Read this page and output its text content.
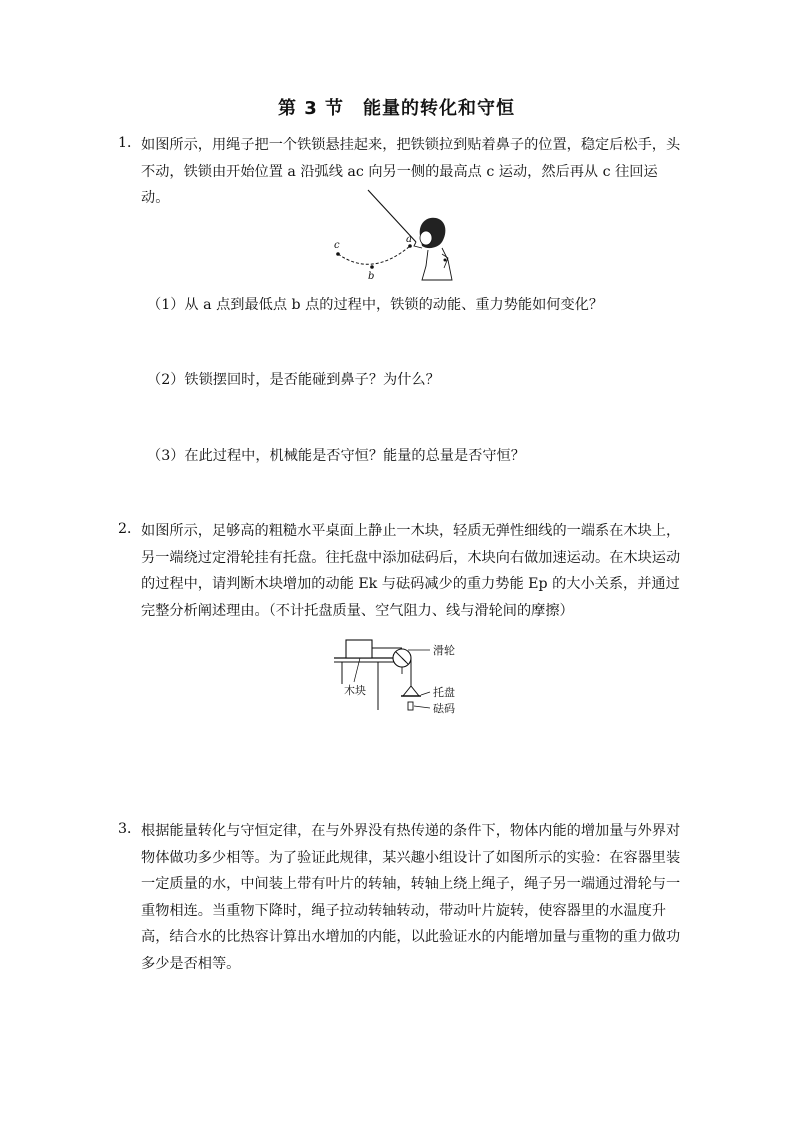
第 3 节　能量的转化和守恒
1． 如图所示，用绳子把一个铁锁悬挂起来，把铁锁拉到贴着鼻子的位置，稳定后松手，头不动，铁锁由开始位置 a 沿弧线 ac 向另一侧的最高点 c 运动，然后再从 c 往回运动。
c
b
a
（1）从 a 点到最低点 b 点的过程中，铁锁的动能、重力势能如何变化？
（2）铁锁摆回时，是否能碰到鼻子？为什么？
（3）在此过程中，机械能是否守恒？能量的总量是否守恒？
2． 如图所示，足够高的粗糙水平桌面上静止一木块，轻质无弹性细线的一端系在木块上，另一端绕过定滑轮挂有托盘。往托盘中添加砝码后，木块向右做加速运动。在木块运动的过程中，请判断木块增加的动能 Ek 与砝码减少的重力势能 Ep 的大小关系，并通过完整分析阐述理由。（不计托盘质量、空气阻力、线与滑轮间的摩擦）
滑轮
木块	托盘
砝码
3． 根据能量转化与守恒定律，在与外界没有热传递的条件下，物体内能的增加量与外界对物体做功多少相等。为了验证此规律，某兴趣小组设计了如图所示的实验：在容器里装一定质量的水，中间装上带有叶片的转轴，转轴上绕上绳子，绳子另一端通过滑轮与一重物相连。当重物下降时，绳子拉动转轴转动，带动叶片旋转，使容器里的水温度升高，结合水的比热容计算出水增加的内能，以此验证水的内能增加量与重物的重力做功多少是否相等。
